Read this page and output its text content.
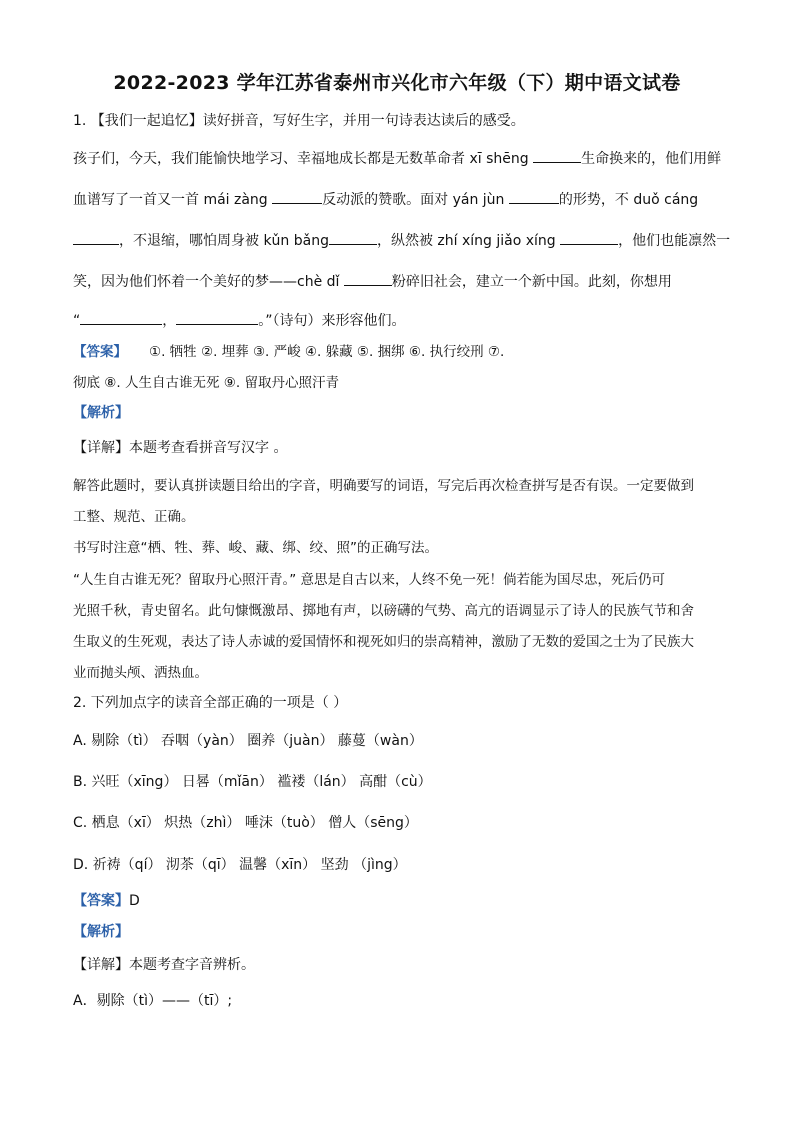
2022-2023 学年江苏省泰州市兴化市六年级（下）期中语文试卷
1. 【我们一起追忆】读好拼音，写好生字，并用一句诗表达读后的感受。
孩子们，今天，我们能愉快地学习、幸福地成长都是无数革命者 xī shēng	生命换来的，他们用鲜
血谱写了一首又一首 mái zàng	反动派的赞歌。面对 yán jùn	的形势，不 duǒ cáng
，不退缩，哪怕周身被 kǔn bǎng	，纵然被 zhí xíng jiǎo xíng	，他们也能凛然一
笑，因为他们怀着一个美好的梦——chè dǐ	粉碎旧社会，建立一个新中国。此刻，你想用
“	，	。”（诗句）来形容他们。
【答案】 ①. 牺牲 ②. 埋葬 ③. 严峻 ④. 躲藏 ⑤. 捆绑 ⑥. 执行绞刑 ⑦.
彻底 ⑧. 人生自古谁无死 ⑨. 留取丹心照汗青
【解析】
【详解】本题考查看拼音写汉字 。
解答此题时，要认真拼读题目给出的字音，明确要写的词语，写完后再次检查拼写是否有误。一定要做到
工整、规范、正确。
书写时注意“栖、牲、葬、峻、藏、绑、绞、照”的正确写法。
“人生自古谁无死？留取丹心照汗青。” 意思是自古以来，人终不免一死！倘若能为国尽忠，死后仍可
光照千秋，青史留名。此句慷慨激昂、掷地有声，以磅礴的气势、高亢的语调显示了诗人的民族气节和舍
生取义的生死观，表达了诗人赤诚的爱国情怀和视死如归的崇高精神，激励了无数的爱国之士为了民族大
业而抛头颅、洒热血。
2. 下列加点字的读音全部正确的一项是（ ）
A. 剔除（tì） 吞咽（yàn） 圈养（juàn） 藤蔓（wàn）
B. 兴旺（xīng） 日晷（mǐān） 褴褛（lán） 高酣（cù）
C. 栖息（xī） 炽热（zhì） 唾沫（tuò） 僧人（sēng）
D. 祈祷（qí） 沏茶（qī） 温馨（xīn） 坚劲 （jìng）
【答案】D
【解析】
【详解】本题考查字音辨析。
A．剔除（tì）——（tī）;
